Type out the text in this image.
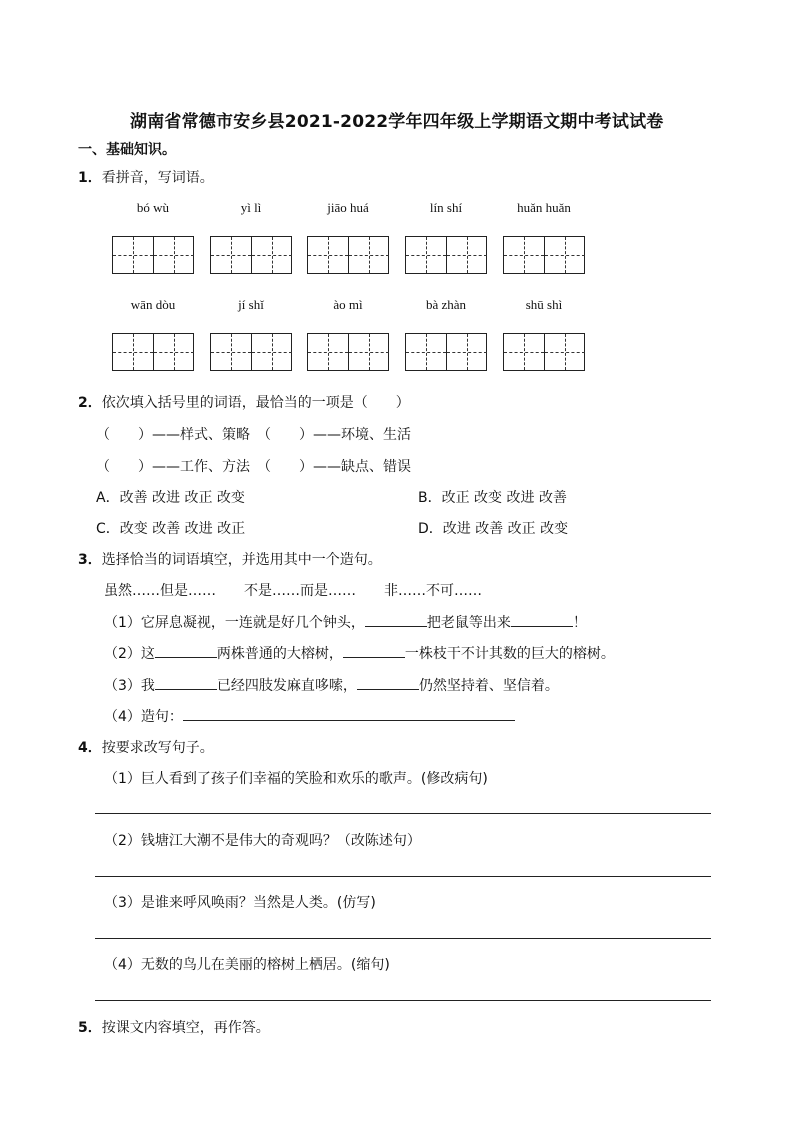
湖南省常德市安乡县2021-2022学年四年级上学期语文期中考试试卷
一、基础知识。
1．看拼音，写词语。
bó wù	yì lì	jiāo huá	lín shí	huǎn huǎn
wān dòu	jí shǐ	ào mì	bà zhàn	shū shì
2．依次填入括号里的词语，最恰当的一项是（　　）
（　　）——样式、策略　（　　）——环境、生活
（　　）——工作、方法　（　　）——缺点、错误
A．改善 改进 改正 改变	B．改正 改变 改进 改善
C．改变 改善 改进 改正	D．改进 改善 改正 改变
3．选择恰当的词语填空，并选用其中一个造句。
虽然……但是……　　不是……而是……　　非……不可……
（1）它屏息凝视，一连就是好几个钟头，	把老鼠等出来	！
（2）这	两株普通的大榕树，	一株枝干不计其数的巨大的榕树。
（3）我	已经四肢发麻直哆嗦，	仍然坚持着、坚信着。
（4）造句：
4．按要求改写句子。
（1）巨人看到了孩子们幸福的笑脸和欢乐的歌声。(修改病句)
（2）钱塘江大潮不是伟大的奇观吗？（改陈述句）
（3）是谁来呼风唤雨？当然是人类。(仿写)
（4）无数的鸟儿在美丽的榕树上栖居。(缩句)
5．按课文内容填空，再作答。
